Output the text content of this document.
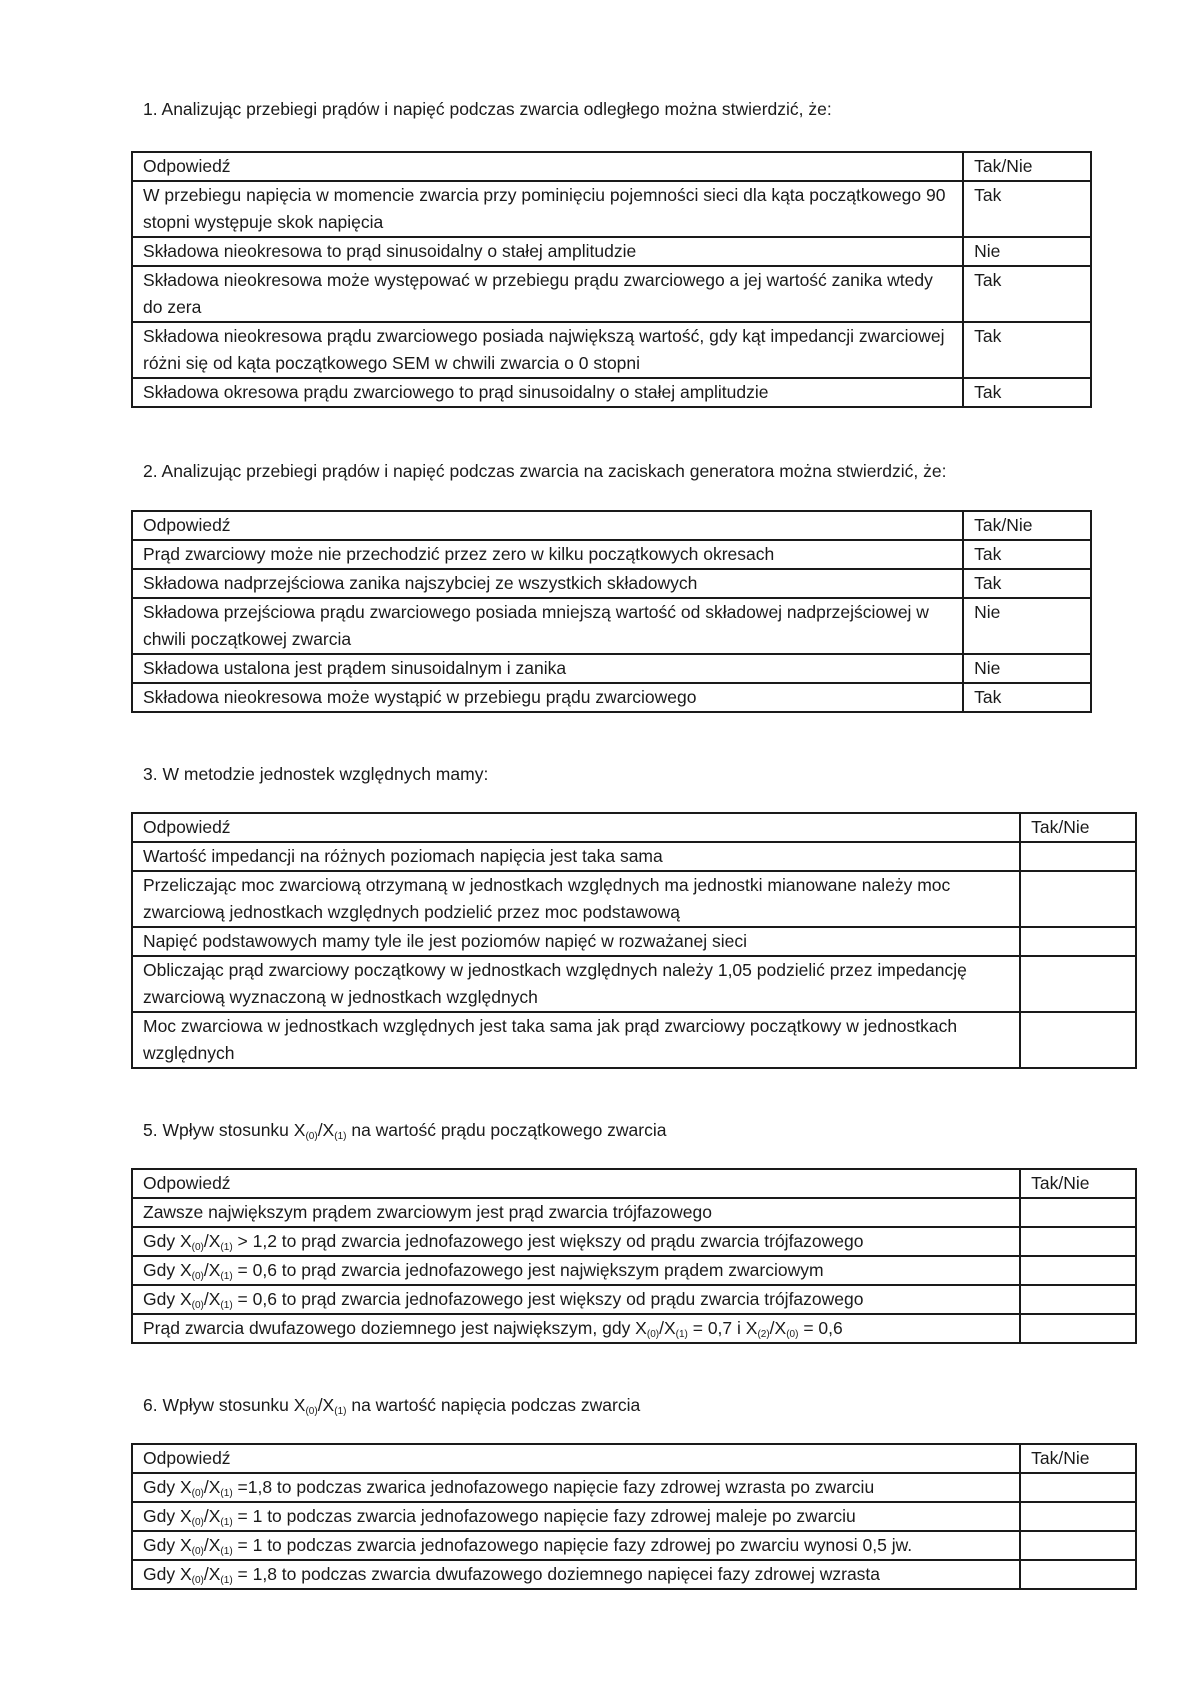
1. Analizując przebiegi prądów i napięć podczas zwarcia odległego można stwierdzić, że:

Odpowiedź	Tak/Nie
W przebiegu napięcia w momencie zwarcia przy pominięciu pojemności sieci dla kąta początkowego 90 stopni występuje skok napięcia	Tak
Składowa nieokresowa to prąd sinusoidalny o stałej amplitudzie	Nie
Składowa nieokresowa może występować w przebiegu prądu zwarciowego a jej wartość zanika wtedy do zera	Tak
Składowa nieokresowa prądu zwarciowego posiada największą wartość, gdy kąt impedancji zwarciowej różni się od kąta początkowego SEM w chwili zwarcia o 0 stopni	Tak
Składowa okresowa prądu zwarciowego to prąd sinusoidalny o stałej amplitudzie	Tak

2. Analizując przebiegi prądów i napięć podczas zwarcia na zaciskach generatora można stwierdzić, że:

Odpowiedź	Tak/Nie
Prąd zwarciowy może nie przechodzić przez zero w kilku początkowych okresach	Tak
Składowa nadprzejściowa zanika najszybciej ze wszystkich składowych	Tak
Składowa przejściowa prądu zwarciowego posiada mniejszą wartość od składowej nadprzejściowej w chwili początkowej zwarcia	Nie
Składowa ustalona jest prądem sinusoidalnym i zanika	Nie
Składowa nieokresowa może wystąpić w przebiegu prądu zwarciowego	Tak

3. W metodzie jednostek względnych mamy:

Odpowiedź	Tak/Nie
Wartość impedancji na różnych poziomach napięcia jest taka sama	
Przeliczając moc zwarciową otrzymaną w jednostkach względnych ma jednostki mianowane należy moc zwarciową jednostkach względnych podzielić przez moc podstawową	
Napięć podstawowych mamy tyle ile jest poziomów napięć w rozważanej sieci	
Obliczając prąd zwarciowy początkowy w jednostkach względnych należy 1,05 podzielić przez impedancję zwarciową wyznaczoną w jednostkach względnych	
Moc zwarciowa w jednostkach względnych jest taka sama jak prąd zwarciowy początkowy w jednostkach względnych	

5. Wpływ stosunku $X_{(0)}/X_{(1)}$ na wartość prądu początkowego zwarcia

Odpowiedź	Tak/Nie
Zawsze największym prądem zwarciowym jest prąd zwarcia trójfazowego	
Gdy $X_{(0)}/X_{(1)} > 1,2$ to prąd zwarcia jednofazowego jest większy od prądu zwarcia trójfazowego	
Gdy $X_{(0)}/X_{(1)} = 0,6$ to prąd zwarcia jednofazowego jest największym prądem zwarciowym	
Gdy $X_{(0)}/X_{(1)} = 0,6$ to prąd zwarcia jednofazowego jest większy od prądu zwarcia trójfazowego	
Prąd zwarcia dwufazowego doziemnego jest największym, gdy $X_{(0)}/X_{(1)} = 0,7$ i $X_{(2)}/X_{(0)} = 0,6$	

6. Wpływ stosunku $X_{(0)}/X_{(1)}$ na wartość napięcia podczas zwarcia

Odpowiedź	Tak/Nie
Gdy $X_{(0)}/X_{(1)} =1,8$ to podczas zwarica jednofazowego napięcie fazy zdrowej wzrasta po zwarciu	
Gdy $X_{(0)}/X_{(1)} = 1$ to podczas zwarcia jednofazowego napięcie fazy zdrowej maleje po zwarciu	
Gdy $X_{(0)}/X_{(1)} = 1$ to podczas zwarcia jednofazowego napięcie fazy zdrowej po zwarciu wynosi 0,5 jw.	
Gdy $X_{(0)}/X_{(1)} = 1,8$ to podczas zwarcia dwufazowego doziemnego napięcei fazy zdrowej wzrasta	
